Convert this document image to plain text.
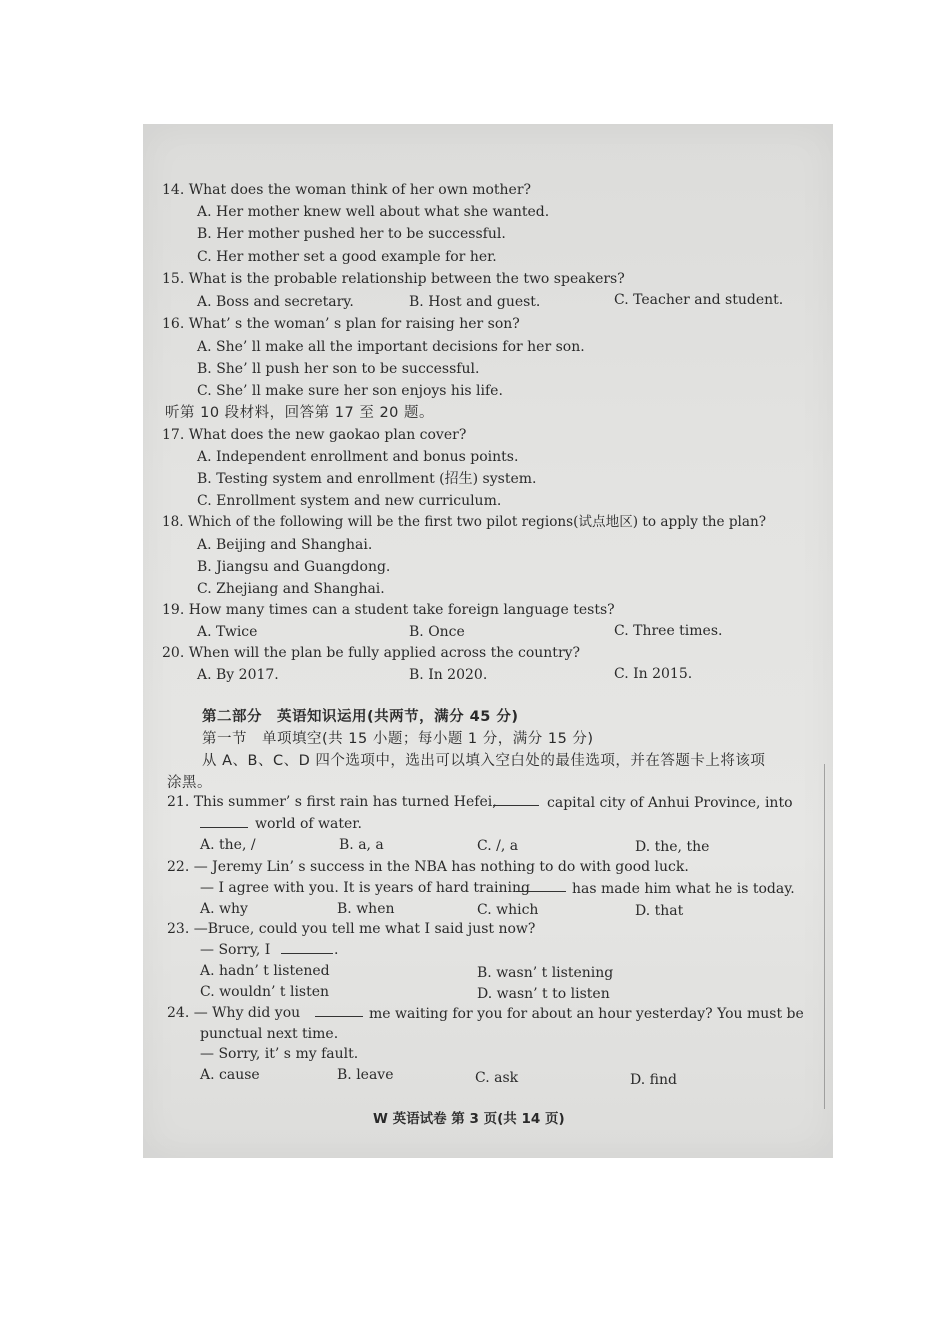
14. What does the woman think of her own mother?
A. Her mother knew well about what she wanted.
B. Her mother pushed her to be successful.
C. Her mother set a good example for her.
15. What is the probable relationship between the two speakers?
A. Boss and secretary.	B. Host and guest.	C. Teacher and student.
16. What’ s the woman’ s plan for raising her son?
A. She’ ll make all the important decisions for her son.
B. She’ ll push her son to be successful.
C. She’ ll make sure her son enjoys his life.
听第 10 段材料，回答第 17 至 20 题。
17. What does the new gaokao plan cover?
A. Independent enrollment and bonus points.
B. Testing system and enrollment (招生) system.
C. Enrollment system and new curriculum.
18. Which of the following will be the first two pilot regions(试点地区) to apply the plan?
A. Beijing and Shanghai.
B. Jiangsu and Guangdong.
C. Zhejiang and Shanghai.
19. How many times can a student take foreign language tests?
A. Twice	B. Once	C. Three times.
20. When will the plan be fully applied across the country?
A. By 2017.	B. In 2020.	C. In 2015.
第二部分　英语知识运用(共两节，满分 45 分)
第一节　单项填空(共 15 小题；每小题 1 分，满分 15 分)
从 A、B、C、D 四个选项中，选出可以填入空白处的最佳选项，并在答题卡上将该项
涂黑。
21. This summer’ s first rain has turned Hefei,	capital city of Anhui Province, into
world of water.
A. the, /	B. a, a	C. /, a	D. the, the
22. — Jeremy Lin’ s success in the NBA has nothing to do with good luck.
— I agree with you. It is years of hard training	has made him what he is today.
A. why	B. when	C. which	D. that
23. —Bruce, could you tell me what I said just now?
— Sorry, I	.
A. hadn’ t listened	B. wasn’ t listening
C. wouldn’ t listen	D. wasn’ t to listen
24. — Why did you	me waiting for you for about an hour yesterday? You must be
punctual next time.
— Sorry, it’ s my fault.
A. cause	B. leave	C. ask	D. find
W 英语试卷 第 3 页(共 14 页)
